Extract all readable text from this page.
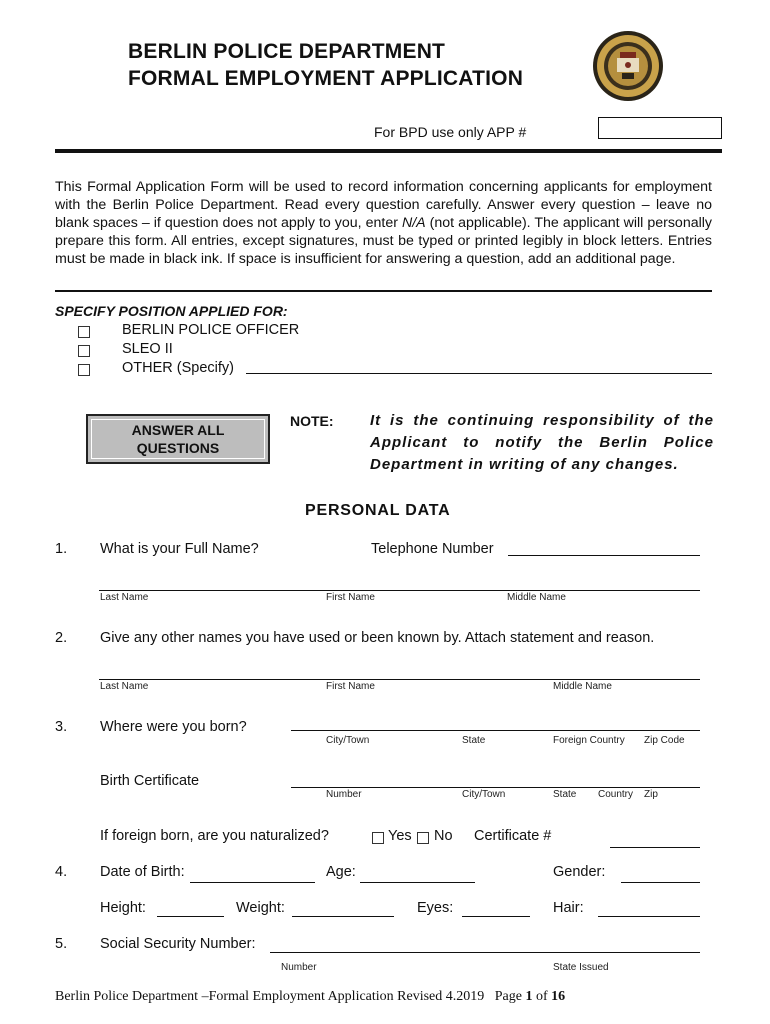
BERLIN POLICE DEPARTMENT
FORMAL EMPLOYMENT APPLICATION
For BPD use only APP #
This Formal Application Form will be used to record information concerning applicants for employment with the Berlin Police Department. Read every question carefully. Answer every question – leave no blank spaces – if question does not apply to you, enter N/A (not applicable). The applicant will personally prepare this form. All entries, except signatures, must be typed or printed legibly in block letters. Entries must be made in black ink. If space is insufficient for answering a question, add an additional page.
SPECIFY POSITION APPLIED FOR:
BERLIN POLICE OFFICER
SLEO II
OTHER (Specify)
ANSWER ALL
QUESTIONS
NOTE: It is the continuing responsibility of the Applicant to notify the Berlin Police Department in writing of any changes.
PERSONAL DATA
1. What is your Full Name?	Telephone Number
Last Name	First Name	Middle Name
2. Give any other names you have used or been known by. Attach statement and reason.
Last Name	First Name	Middle Name
3. Where were you born?
City/Town	State	Foreign Country Zip Code
Birth Certificate
Number	City/Town	State Country Zip
If foreign born, are you naturalized?	Yes No Certificate #
4. Date of Birth:	Age:	Gender:
Height:	Weight:	Eyes:	Hair:
5. Social Security Number:
Number	State Issued
Berlin Police Department –Formal Employment Application Revised 4.2019 Page 1 of 16
